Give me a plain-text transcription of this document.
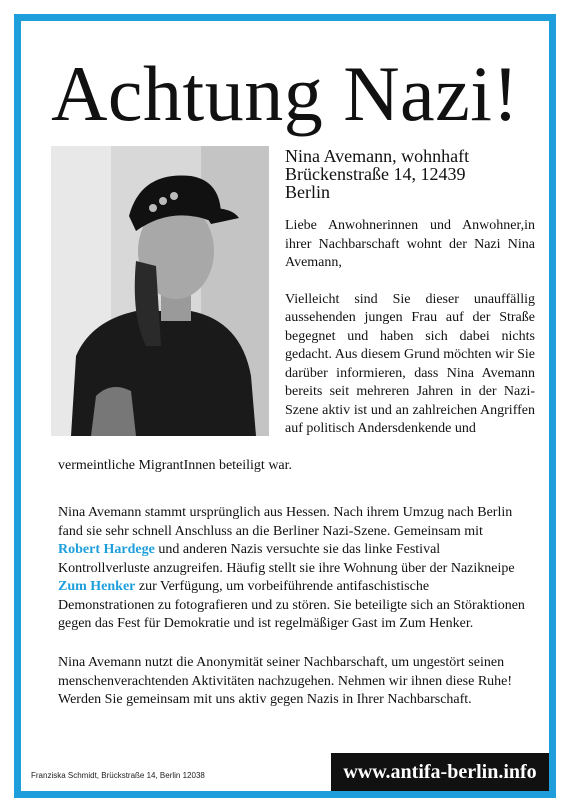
Achtung Nazi!
Nina Avemann, wohnhaft
Brückenstraße 14, 12439
Berlin

Liebe Anwohnerinnen und Anwohner,in ihrer Nachbarschaft wohnt der Nazi Nina Avemann,

Vielleicht sind Sie dieser unauffällig aussehenden jungen Frau auf der Straße begegnet und haben sich dabei nichts gedacht. Aus diesem Grund möchten wir Sie darüber informieren, dass Nina Avemann bereits seit mehreren Jahren in der Nazi-Szene aktiv ist und an zahlreichen Angriffen auf politisch Andersdenkende und

vermeintliche MigrantInnen beteiligt war.
Nina Avemann stammt ursprünglich aus Hessen. Nach ihrem Umzug nach Berlin fand sie sehr schnell Anschluss an die Berliner Nazi-Szene. Gemeinsam mit Robert Hardege und anderen Nazis versuchte sie das linke Festival Kontrollverluste anzugreifen. Häufig stellt sie ihre Wohnung über der Nazikneipe Zum Henker zur Verfügung, um vorbeiführende antifaschistische Demonstrationen zu fotografieren und zu stören. Sie beteiligte sich an Störaktionen gegen das Fest für Demokratie und ist regelmäßiger Gast im Zum Henker.
Nina Avemann nutzt die Anonymität seiner Nachbarschaft, um ungestört seinen menschenverachtenden Aktivitäten nachzugehen. Nehmen wir ihnen diese Ruhe! Werden Sie gemeinsam mit uns aktiv gegen Nazis in Ihrer Nachbarschaft.
Franziska Schmidt, Brückstraße 14, Berlin 12038	www.antifa-berlin.info
